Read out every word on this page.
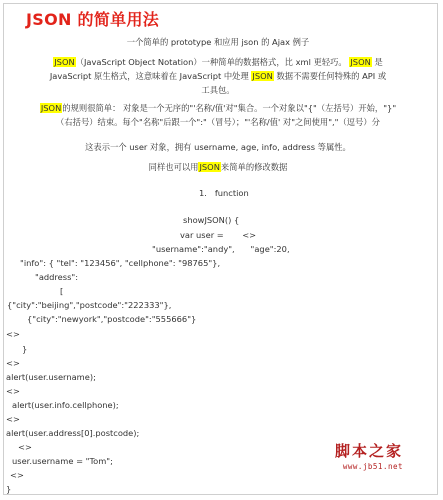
JSON 的简单用法
一个简单的 prototype 和应用 json 的 Ajax 例子
JSON（JavaScript Object Notation）一种简单的数据格式，比 xml 更轻巧。 JSON 是
JavaScript 原生格式，这意味着在 JavaScript 中处理 JSON 数据不需要任何特殊的 API 或
工具包。
JSON的规则很简单： 对象是一个无序的"'名称/值'对"集合。一个对象以"{"（左括号）开始，"}"
（右括号）结束。每个"名称"后跟一个":"（冒号）；"'名称/值' 对"之间使用","（逗号）分
这表示一个 user 对象，拥有 username, age, info, address 等属性。
同样也可以用JSON来简单的修改数据
1.   function
showJSON() {
var user =       <>
"username":"andy",      "age":20,
"info": { "tel": "123456", "cellphone": "98765"},
"address":
[
{"city":"beijing","postcode":"222333"},
{"city":"newyork","postcode":"555666"}
<>
}
<>
alert(user.username);
<>
alert(user.info.cellphone);
<>
alert(user.address[0].postcode);
<>
user.username = "Tom";
<>
}
脚本之家
www.jb51.net
